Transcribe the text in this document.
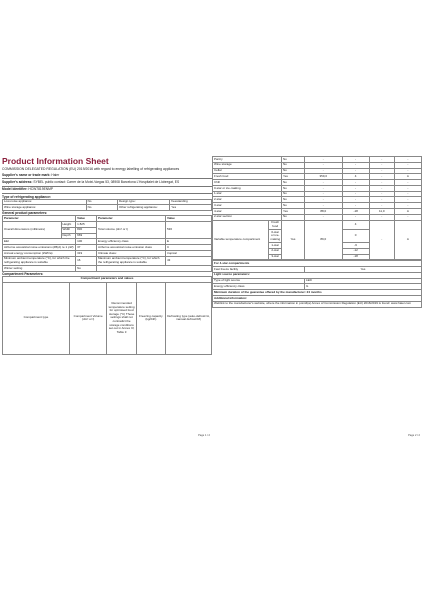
Product Information Sheet
COMMISSION DELEGATED REGULATION (EU) 2019/2016 with regard to energy labelling of refrigerating appliances
Supplier's name or trade mark: Haier
Supplier's address: SYBEL public contact: Carrer de la Motxi-Vargas 53, 08908 Barcelona L'Hospitalet de Llobregat, ES
Model identifier: HCW7819ENMP
Type of refrigerating appliance:
Low-noise appliance:	No	Design type:	freestanding
Wine storage appliance:	No	Other refrigerating appliance:	Yes
General product parameters:
Parameter		Value	Parameter	Value
Overall dimensions (millimetre)	Height	1 825	Total volume (dm³ or l)	536
	Width	830		
	Depth	669		
EEI		100	Energy efficiency class	E
Airborne acoustical noise emissions (dB(A) re 1 pW)		37	Airborne acoustical noise emission class	C
Annual energy consumption (kWh/a)		319	Climate class:	tropical
Minimum ambient temperature (°C), for which the refrigerating appliance is suitable		16	Maximum ambient temperature (°C), for which the refrigerating appliance is suitable	43
Winter setting		No		
Compartment Parameters:
Compartment parameters and values
Compartment type	Compartment Volume (dm³ or l)	Recommended temperature setting for optimised food storage (°C) These settings shall not contradict the storage conditions set out in Annex IV, Table 3	Freezing capacity (kg/24h)	Defrosting type (auto-defrost=A, manual defrost=M)
Page 1 / 2
Pantry		No	-	-	-	-
Wine storage		No	-	-	-	-
Cellar		No	-	-	-	-
Fresh food		Yes	359,0	4	-	A
Chill		No	-	-	-	-
0-star or ice-making		No	-	-	-	-
1-star		No	-	-	-	-
2-star		No	-	-	-	-
3-star		No	-	-	-	-
4-star		Yes	88,0	-18	11,0	A
2-star section		No	-	-	-	-
Variable temperature compartment	Fresh food	Yes	89,0	4	-	A
	0-star or ice-making			0		
	1-star			-6		
	2-star			-12		
	3-star			-18		
For 4-star compartments	
Fast freeze facility	Yes
Light source parameters:	
Type of light source	LED
Energy efficiency class	G
Minimum duration of the guarantee offered by the manufacturer: 24 months	
Additional information:	
Weblink to the manufacturer's website, where the information in point4(a) Annex of Commission Regulation (EU) 2016/2019 is found: www.haier.com	
Page 2 / 2
